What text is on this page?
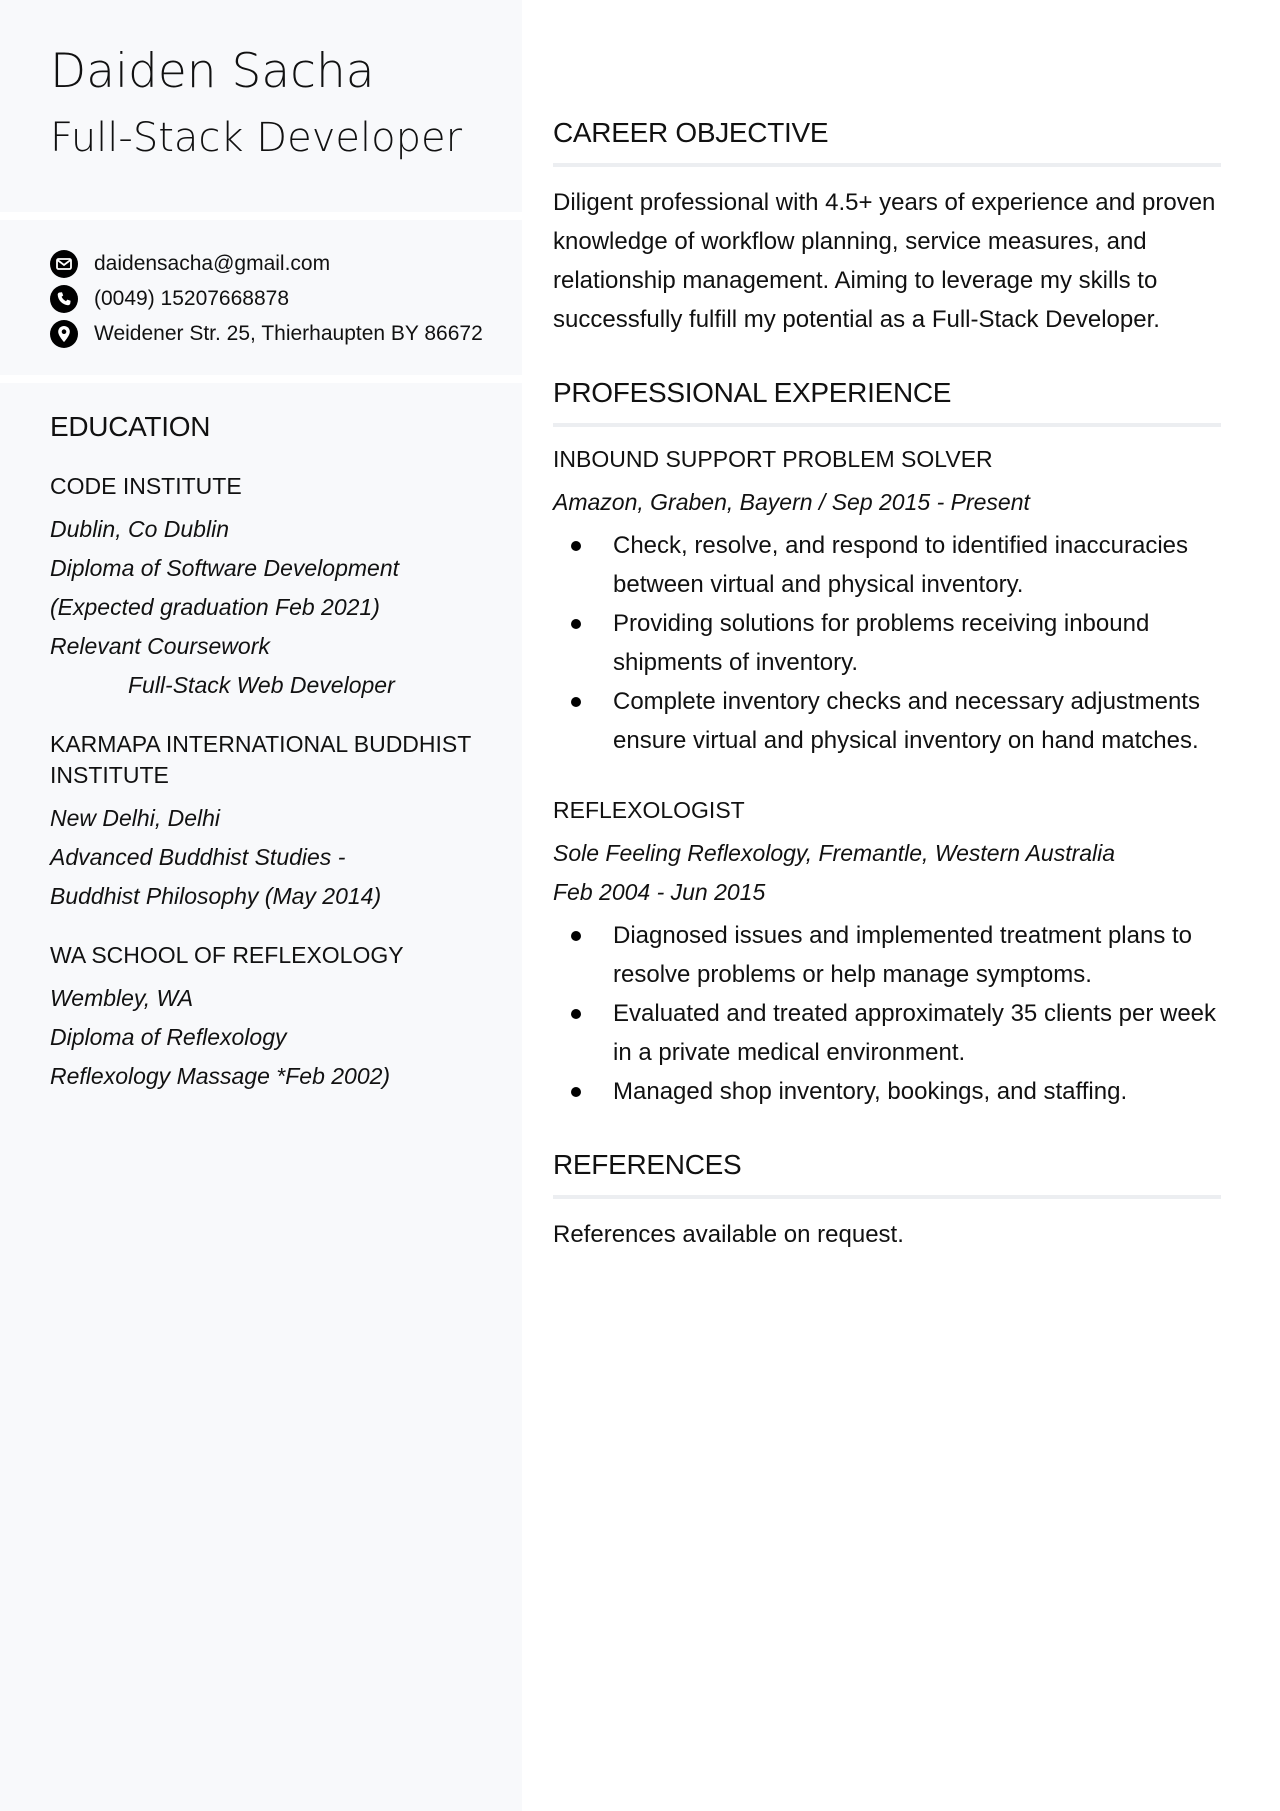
Daiden Sacha
Full-Stack Developer
daidensacha@gmail.com
(0049) 15207668878
Weidener Str. 25, Thierhaupten BY 86672
EDUCATION

CODE INSTITUTE

Dublin, Co Dublin

Diploma of Software Development

(Expected graduation Feb 2021)

Relevant Coursework

Full-Stack Web Developer

KARMAPA INTERNATIONAL BUDDHIST INSTITUTE

New Delhi, Delhi

Advanced Buddhist Studies -

Buddhist Philosophy (May 2014)

WA SCHOOL OF REFLEXOLOGY

Wembley, WA

Diploma of Reflexology

Reflexology Massage *Feb 2002)

CAREER OBJECTIVE

Diligent professional with 4.5+ years of experience and proven knowledge of workflow planning, service measures, and relationship management. Aiming to leverage my skills to successfully fulfill my potential as a Full-Stack Developer.

PROFESSIONAL EXPERIENCE

INBOUND SUPPORT PROBLEM SOLVER

Amazon, Graben, Bayern / Sep 2015 - Present

Check, resolve, and respond to identified inaccuracies between virtual and physical inventory.
Providing solutions for problems receiving inbound shipments of inventory.
Complete inventory checks and necessary adjustments ensure virtual and physical inventory on hand matches.

REFLEXOLOGIST

Sole Feeling Reflexology, Fremantle, Western Australia

Feb 2004 - Jun 2015

Diagnosed issues and implemented treatment plans to resolve problems or help manage symptoms.
Evaluated and treated approximately 35 clients per week in a private medical environment.
Managed shop inventory, bookings, and staffing.
REFERENCES

References available on request.
